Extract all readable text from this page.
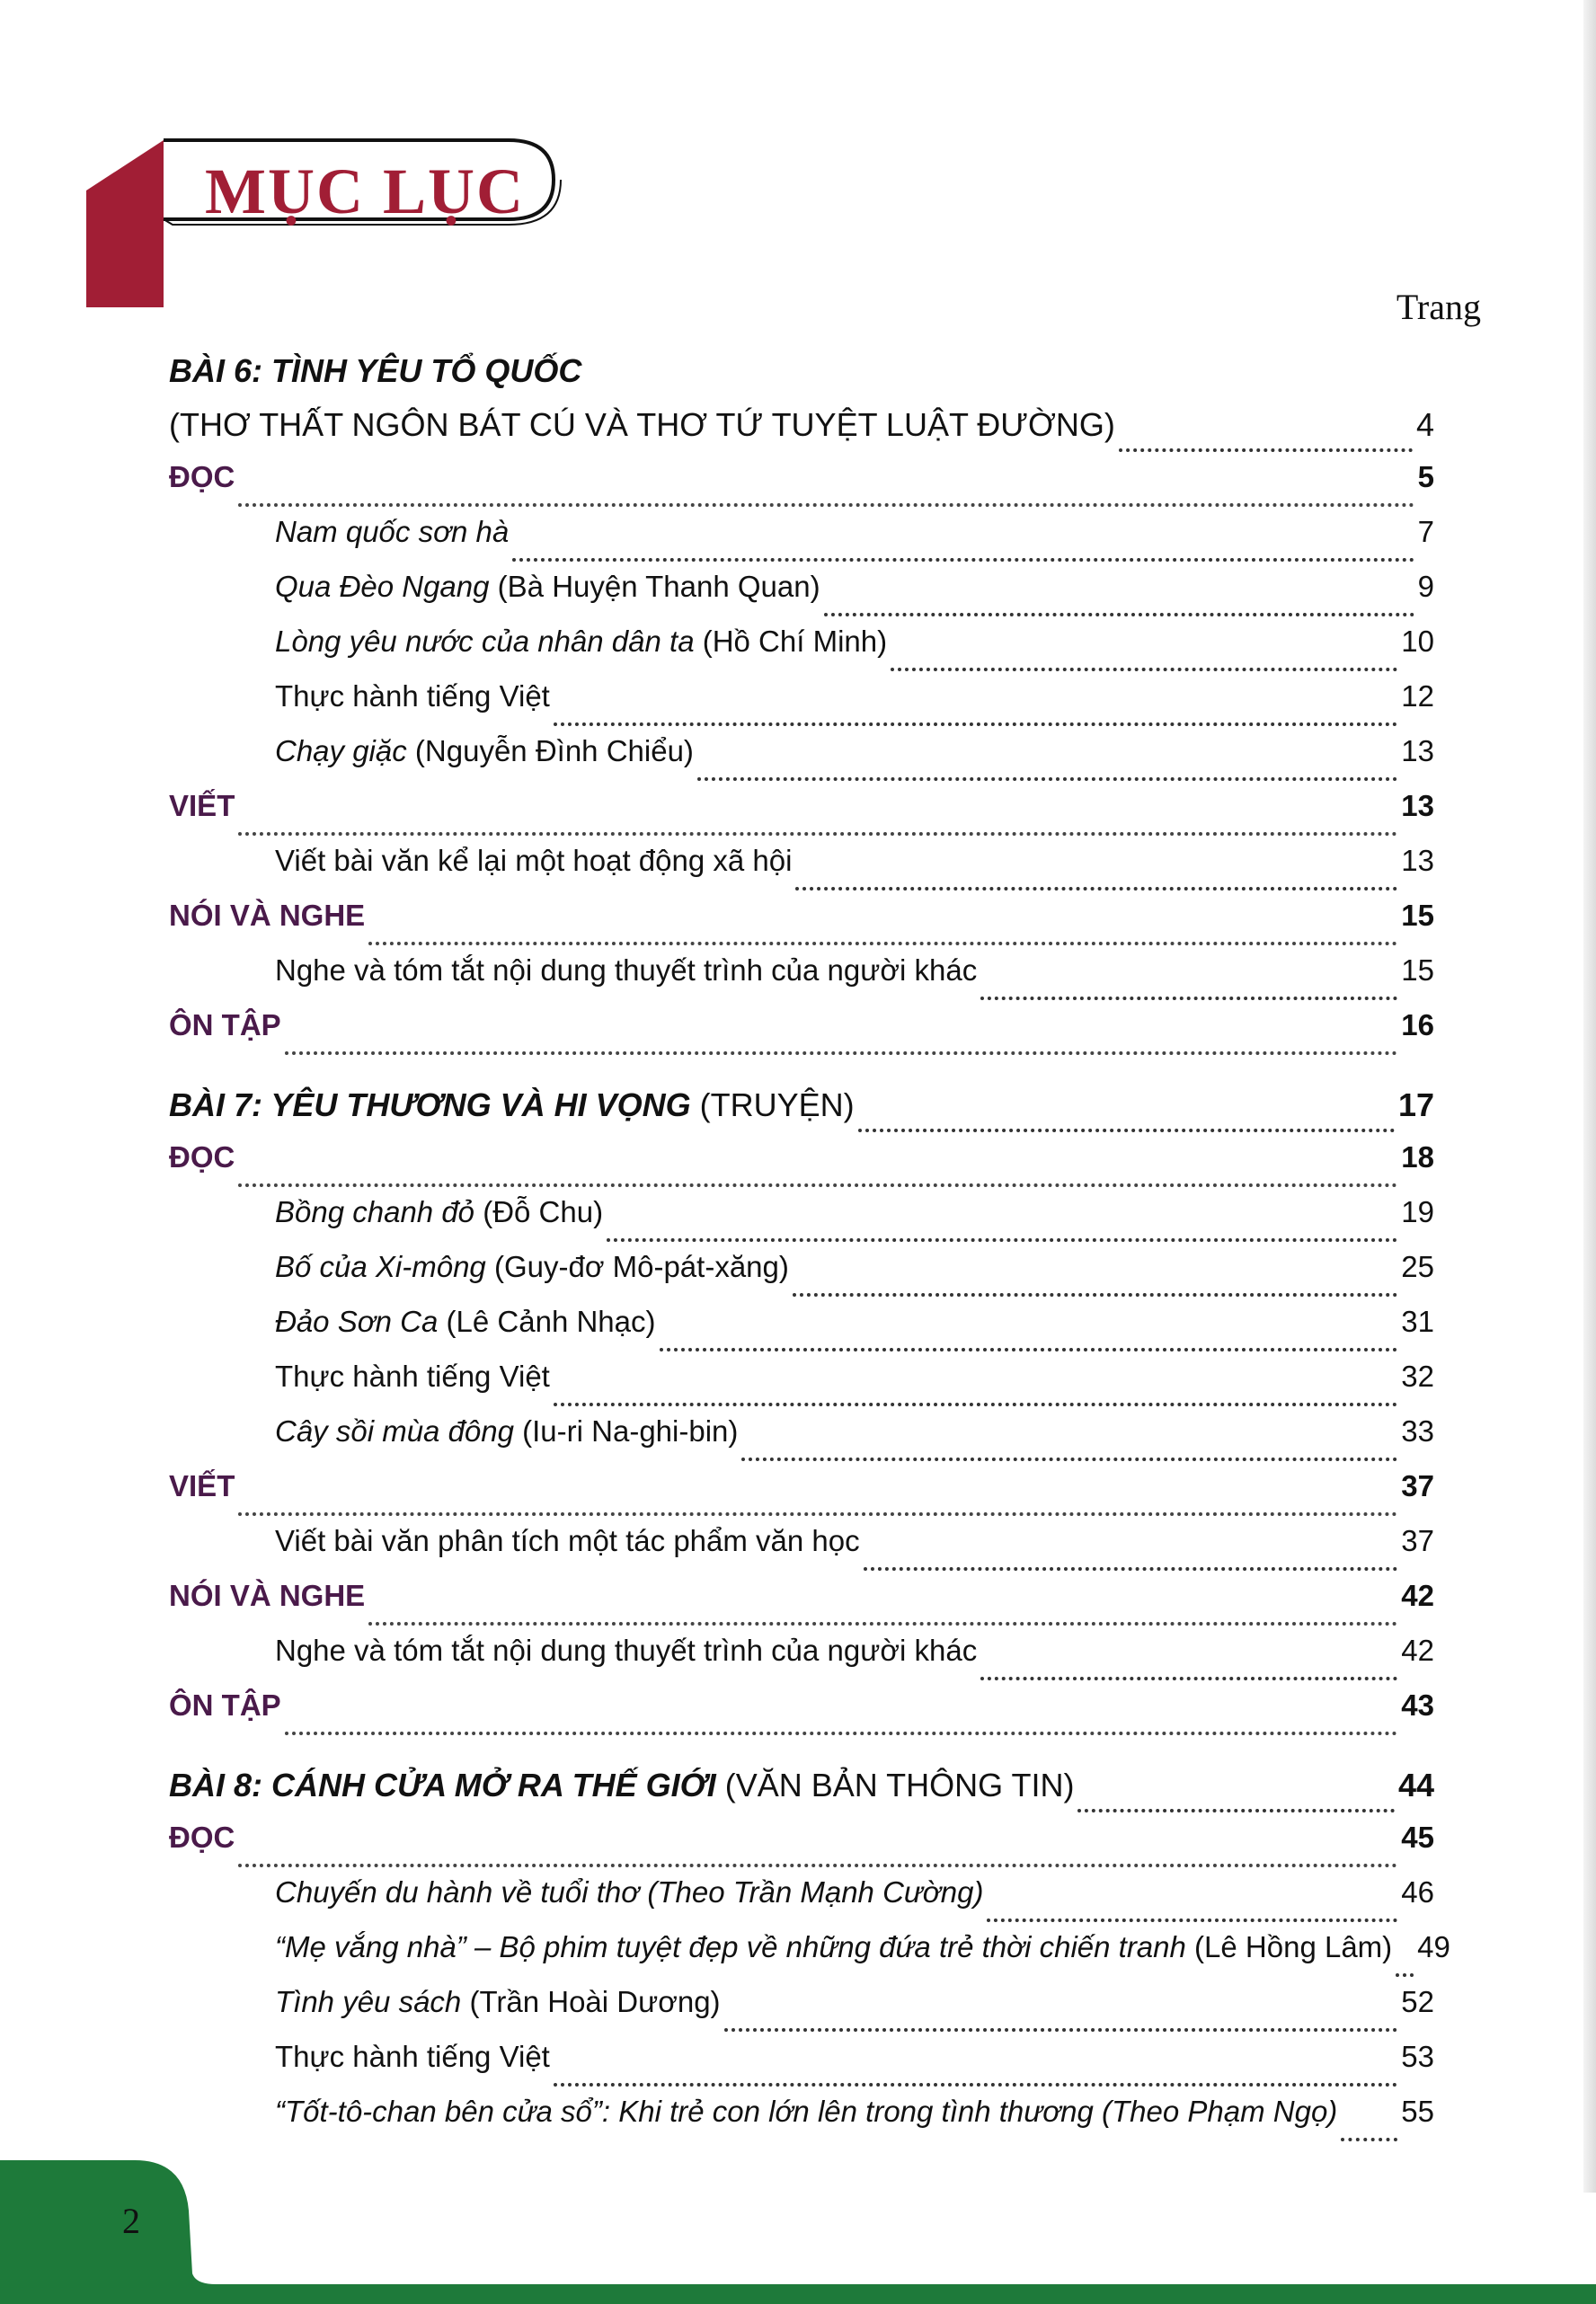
MỤC LỤC
Trang
BÀI 6: TÌNH YÊU TỔ QUỐC
(THƠ THẤT NGÔN BÁT CÚ VÀ THƠ TỨ TUYỆT LUẬT ĐƯỜNG)	4
ĐỌC	5
Nam quốc sơn hà	7
Qua Đèo Ngang (Bà Huyện Thanh Quan)	9
Lòng yêu nước của nhân dân ta (Hồ Chí Minh)	10
Thực hành tiếng Việt	12
Chạy giặc (Nguyễn Đình Chiểu)	13
VIẾT	13
Viết bài văn kể lại một hoạt động xã hội	13
NÓI VÀ NGHE	15
Nghe và tóm tắt nội dung thuyết trình của người khác	15
ÔN TẬP	16
BÀI 7: YÊU THƯƠNG VÀ HI VỌNG (TRUYỆN)	17
ĐỌC	18
Bồng chanh đỏ (Đỗ Chu)	19
Bố của Xi-mông (Guy-đơ Mô-pát-xăng)	25
Đảo Sơn Ca (Lê Cảnh Nhạc)	31
Thực hành tiếng Việt	32
Cây sồi mùa đông (Iu-ri Na-ghi-bin)	33
VIẾT	37
Viết bài văn phân tích một tác phẩm văn học	37
NÓI VÀ NGHE	42
Nghe và tóm tắt nội dung thuyết trình của người khác	42
ÔN TẬP	43
BÀI 8: CÁNH CỬA MỞ RA THẾ GIỚI (VĂN BẢN THÔNG TIN)	44
ĐỌC	45
Chuyến du hành về tuổi thơ (Theo Trần Mạnh Cường)	46
“Mẹ vắng nhà” – Bộ phim tuyệt đẹp về những đứa trẻ thời chiến tranh (Lê Hồng Lâm) 49
Tình yêu sách (Trần Hoài Dương)	52
Thực hành tiếng Việt	53
“Tốt-tô-chan bên cửa sổ”: Khi trẻ con lớn lên trong tình thương (Theo Phạm Ngọ) 55
2
